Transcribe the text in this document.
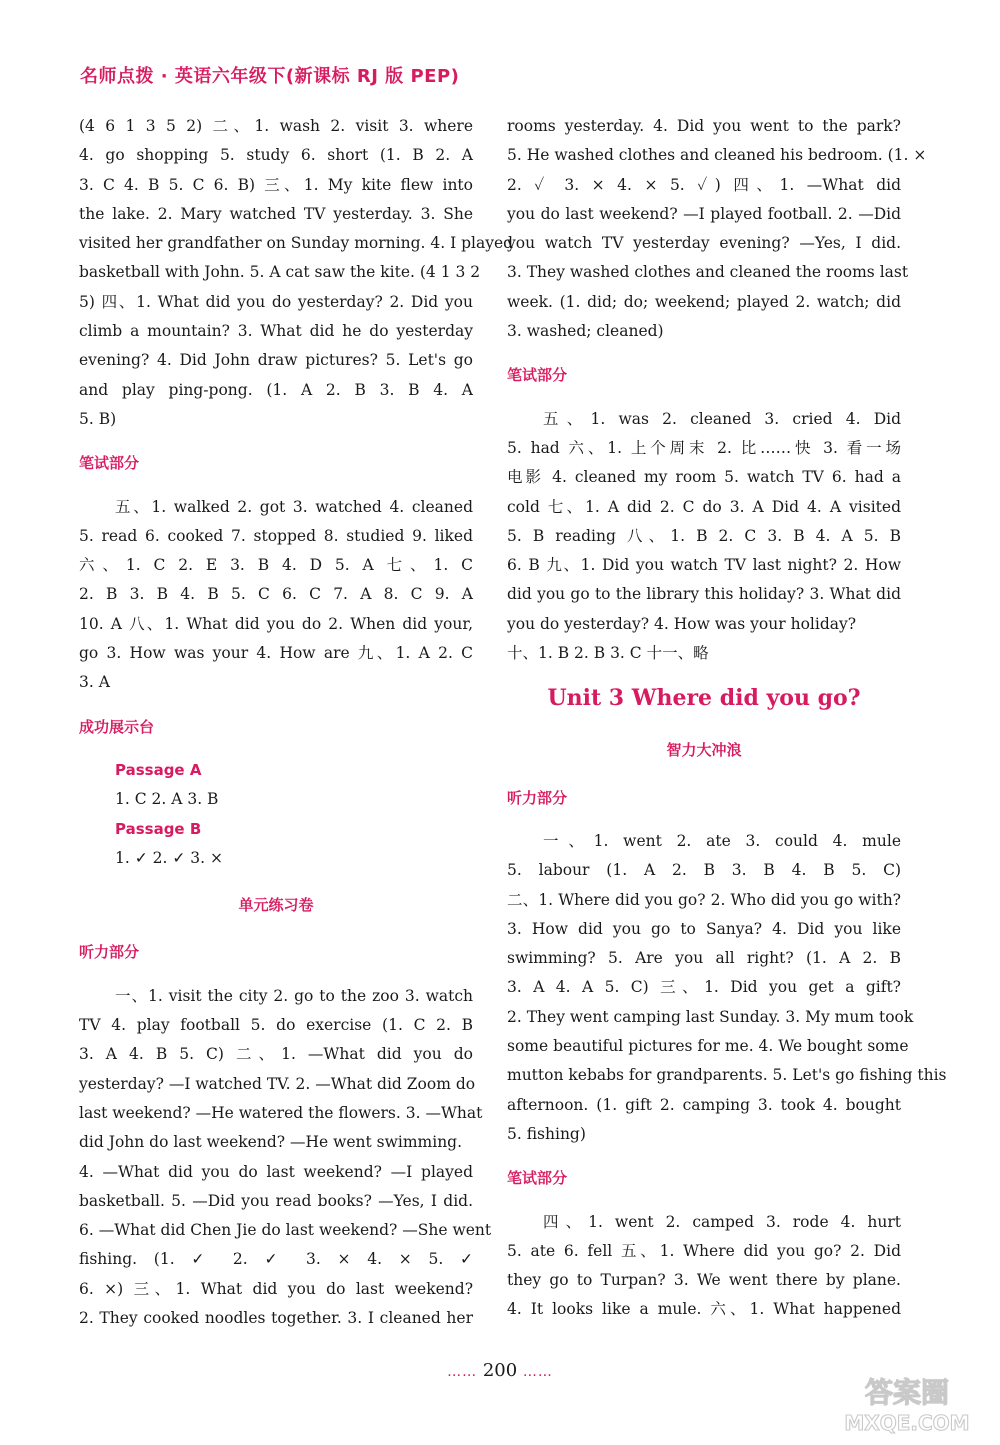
名师点拨 · 英语六年级下(新课标 RJ 版 PEP)
(4 6 1 3 5 2) 二、1. wash 2. visit 3. where
4. go shopping 5. study 6. short (1. B 2. A
3. C 4. B 5. C 6. B) 三、1. My kite flew into
the lake. 2. Mary watched TV yesterday. 3. She
visited her grandfather on Sunday morning. 4. I played
basketball with John. 5. A cat saw the kite. (4 1 3 2
5) 四、1. What did you do yesterday? 2. Did you
climb a mountain? 3. What did he do yesterday
evening? 4. Did John draw pictures? 5. Let's go
and play ping-pong. (1. A 2. B 3. B 4. A
5. B)
笔试部分
五、1. walked 2. got 3. watched 4. cleaned
5. read 6. cooked 7. stopped 8. studied 9. liked
六、1. C 2. E 3. B 4. D 5. A 七、1. C
2. B 3. B 4. B 5. C 6. C 7. A 8. C 9. A
10. A 八、1. What did you do 2. When did your,
go 3. How was your 4. How are 九、1. A 2. C
3. A
成功展示台
Passage A
1. C 2. A 3. B
Passage B
1. ✓ 2. ✓ 3. ×
单元练习卷
听力部分
一、1. visit the city 2. go to the zoo 3. watch
TV 4. play football 5. do exercise (1. C 2. B
3. A 4. B 5. C) 二、1. —What did you do
yesterday? —I watched TV. 2. —What did Zoom do
last weekend? —He watered the flowers. 3. —What
did John do last weekend? —He went swimming.
4. —What did you do last weekend? —I played
basketball. 5. —Did you read books? —Yes, I did.
6. —What did Chen Jie do last weekend? —She went
fishing. (1. ✓ 2. ✓ 3. × 4. × 5. ✓
6. ×) 三、1. What did you do last weekend?
2. They cooked noodles together. 3. I cleaned her
rooms yesterday. 4. Did you went to the park?
5. He washed clothes and cleaned his bedroom. (1. ×
2. ✓ 3. × 4. × 5. ✓) 四、1. —What did
you do last weekend? —I played football. 2. —Did
you watch TV yesterday evening? —Yes, I did.
3. They washed clothes and cleaned the rooms last
week. (1. did; do; weekend; played 2. watch; did
3. washed; cleaned)
笔试部分
五、1. was 2. cleaned 3. cried 4. Did
5. had 六、1. 上个周末 2. 比……快 3. 看一场
电影 4. cleaned my room 5. watch TV 6. had a
cold 七、1. A did 2. C do 3. A Did 4. A visited
5. B reading 八、1. B 2. C 3. B 4. A 5. B
6. B 九、1. Did you watch TV last night? 2. How
did you go to the library this holiday? 3. What did
you do yesterday? 4. How was your holiday?
十、1. B 2. B 3. C 十一、略
Unit 3 Where did you go?
智力大冲浪
听力部分
一、1. went 2. ate 3. could 4. mule
5. labour (1. A 2. B 3. B 4. B 5. C)
二、1. Where did you go? 2. Who did you go with?
3. How did you go to Sanya? 4. Did you like
swimming? 5. Are you all right? (1. A 2. B
3. A 4. A 5. C) 三、1. Did you get a gift?
2. They went camping last Sunday. 3. My mum took
some beautiful pictures for me. 4. We bought some
mutton kebabs for grandparents. 5. Let's go fishing this
afternoon. (1. gift 2. camping 3. took 4. bought
5. fishing)
笔试部分
四、1. went 2. camped 3. rode 4. hurt
5. ate 6. fell 五、1. Where did you go? 2. Did
they go to Turpan? 3. We went there by plane.
4. It looks like a mule. 六、1. What happened
…… 200 ……
答案圈
MXQE.COM
